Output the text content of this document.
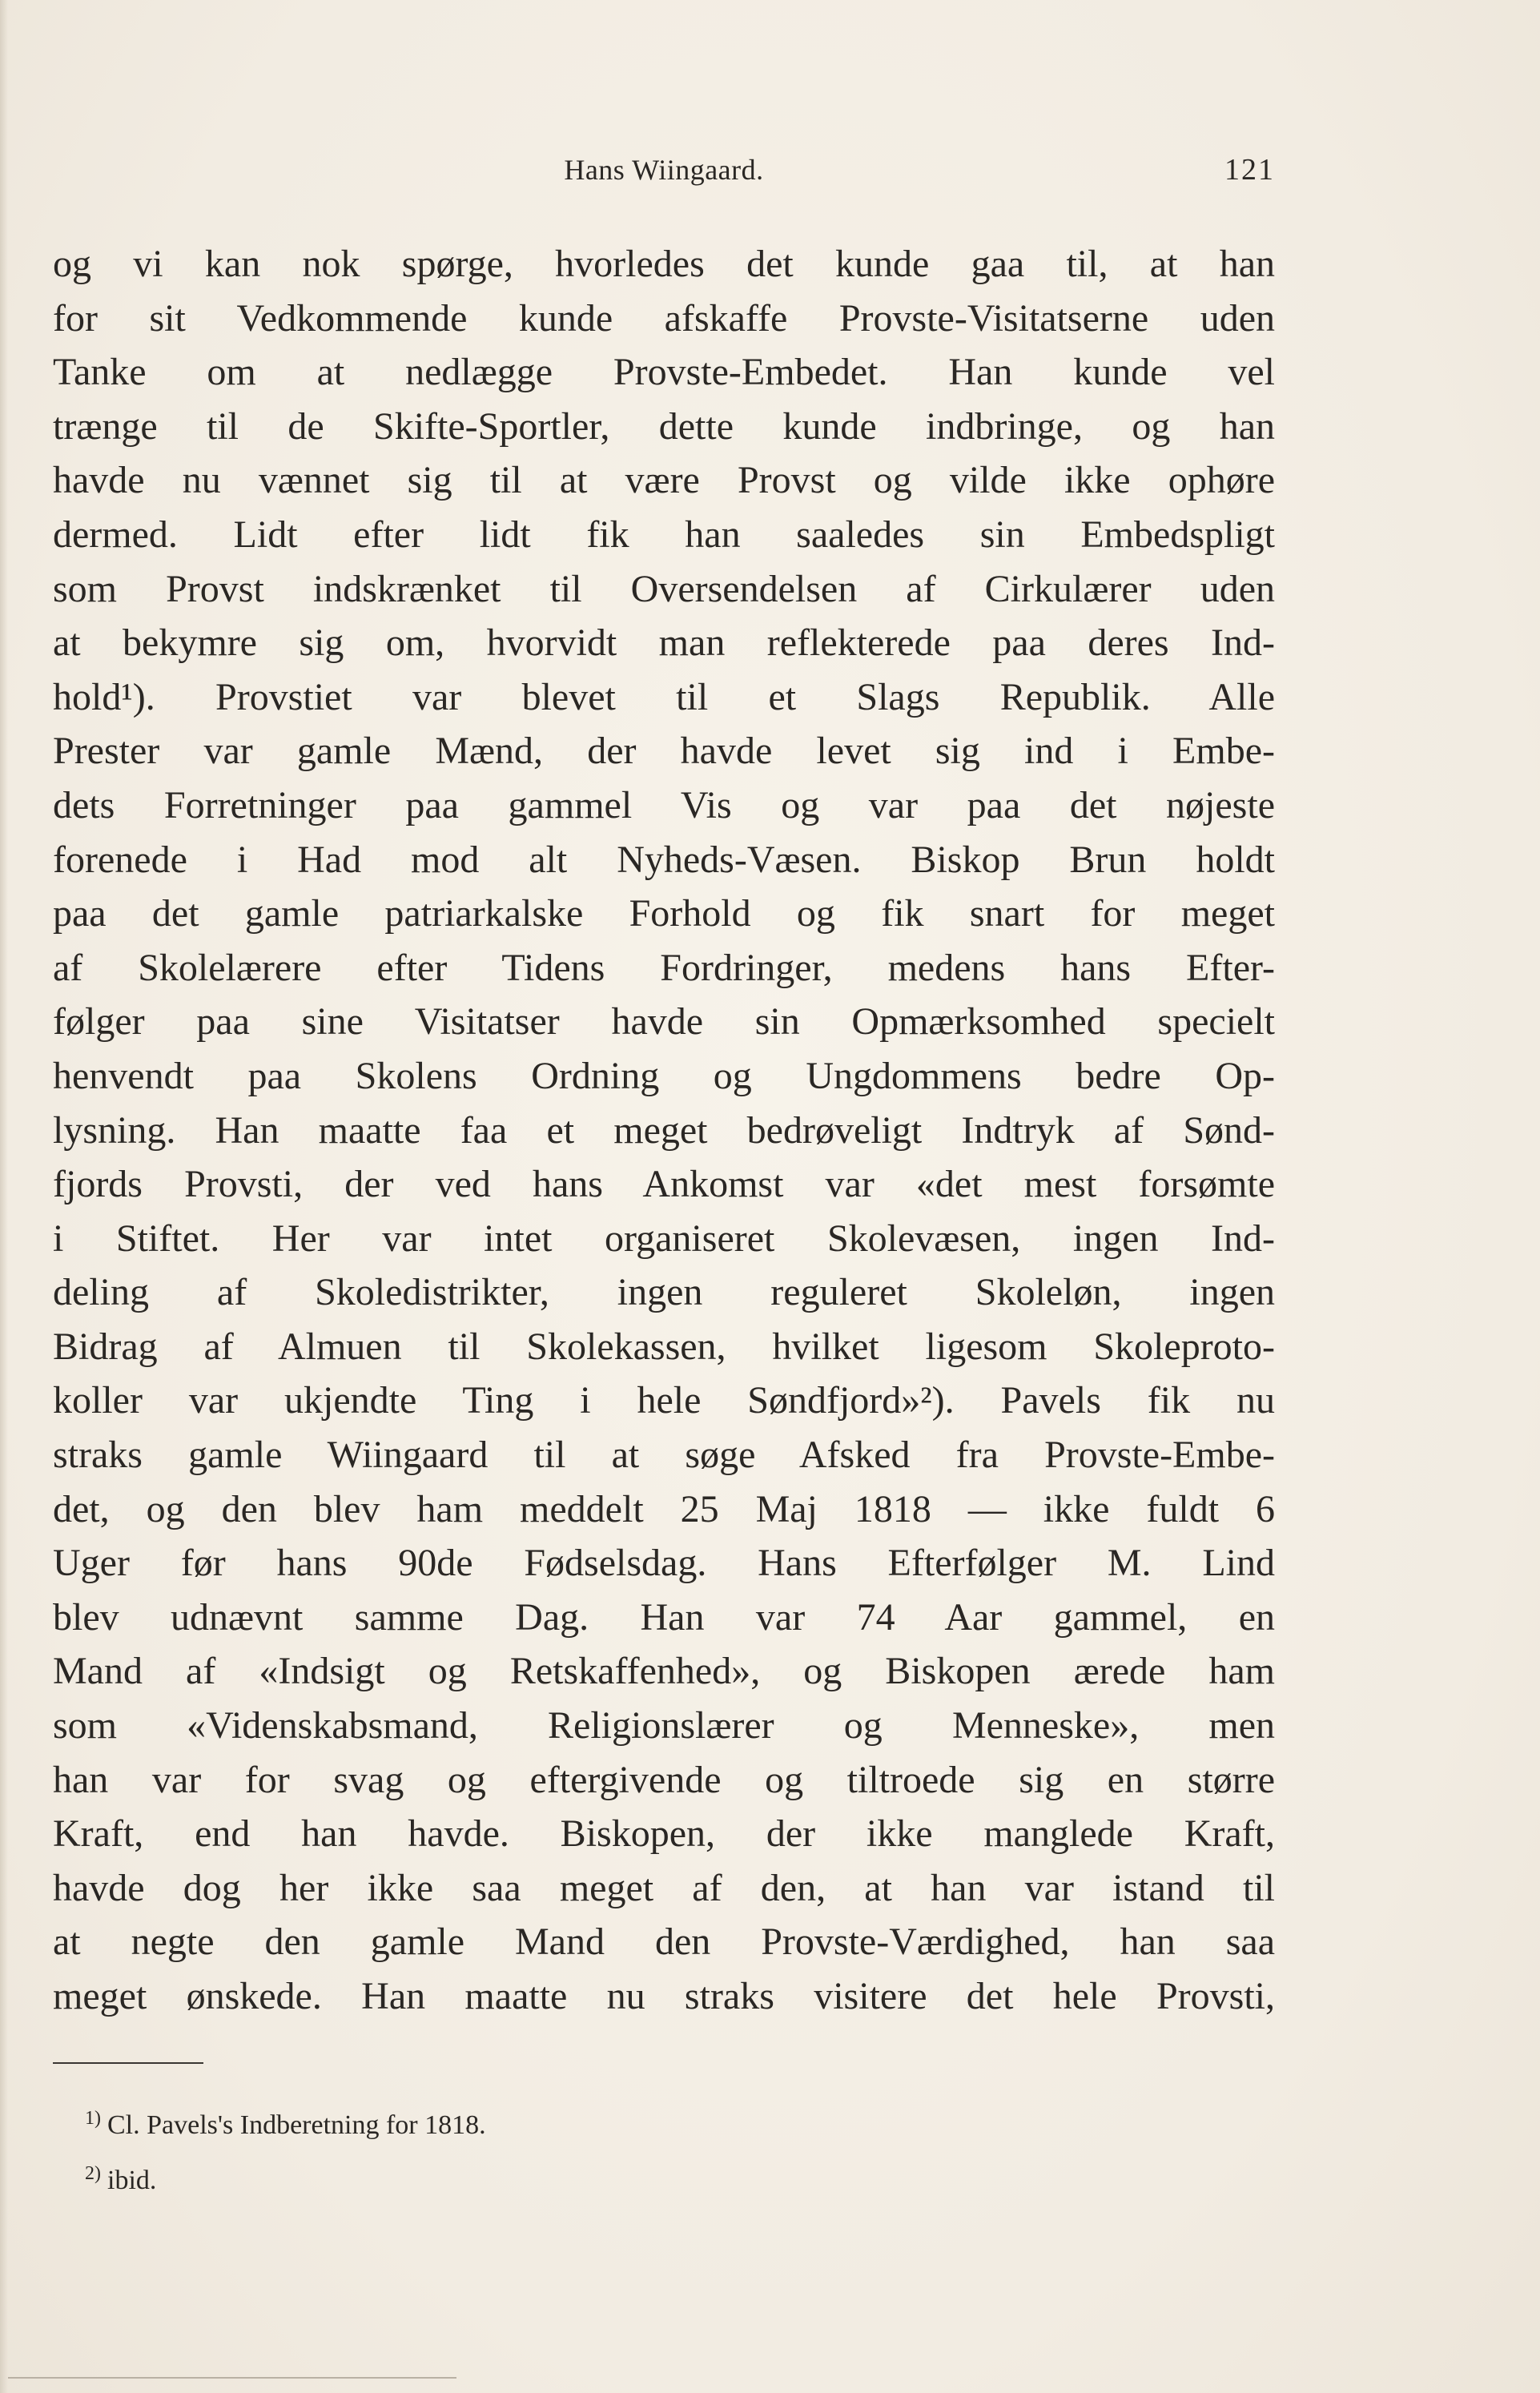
Hans Wiingaard.	121
og vi kan nok spørge, hvorledes det kunde gaa til, at han
for sit Vedkommende kunde afskaffe Provste-Visitatserne uden
Tanke om at nedlægge Provste-Embedet. Han kunde vel
trænge til de Skifte-Sportler, dette kunde indbringe, og han
havde nu vænnet sig til at være Provst og vilde ikke ophøre
dermed. Lidt efter lidt fik han saaledes sin Embedspligt
som Provst indskrænket til Oversendelsen af Cirkulærer uden
at bekymre sig om, hvorvidt man reflekterede paa deres Ind-
hold¹). Provstiet var blevet til et Slags Republik. Alle
Prester var gamle Mænd, der havde levet sig ind i Embe-
dets Forretninger paa gammel Vis og var paa det nøjeste
forenede i Had mod alt Nyheds-Væsen. Biskop Brun holdt
paa det gamle patriarkalske Forhold og fik snart for meget
af Skolelærere efter Tidens Fordringer, medens hans Efter-
følger paa sine Visitatser havde sin Opmærksomhed specielt
henvendt paa Skolens Ordning og Ungdommens bedre Op-
lysning. Han maatte faa et meget bedrøveligt Indtryk af Sønd-
fjords Provsti, der ved hans Ankomst var «det mest forsømte
i Stiftet. Her var intet organiseret Skolevæsen, ingen Ind-
deling af Skoledistrikter, ingen reguleret Skoleløn, ingen
Bidrag af Almuen til Skolekassen, hvilket ligesom Skoleproto-
koller var ukjendte Ting i hele Søndfjord»²). Pavels fik nu
straks gamle Wiingaard til at søge Afsked fra Provste-Embe-
det, og den blev ham meddelt 25 Maj 1818 — ikke fuldt 6
Uger før hans 90de Fødselsdag. Hans Efterfølger M. Lind
blev udnævnt samme Dag. Han var 74 Aar gammel, en
Mand af «Indsigt og Retskaffenhed», og Biskopen ærede ham
som «Videnskabsmand, Religionslærer og Menneske», men
han var for svag og eftergivende og tiltroede sig en større
Kraft, end han havde. Biskopen, der ikke manglede Kraft,
havde dog her ikke saa meget af den, at han var istand til
at negte den gamle Mand den Provste-Værdighed, han saa
meget ønskede. Han maatte nu straks visitere det hele Provsti,
$^{1)}$ Cl. Pavels's Indberetning for 1818.
$^{2)}$ ibid.
